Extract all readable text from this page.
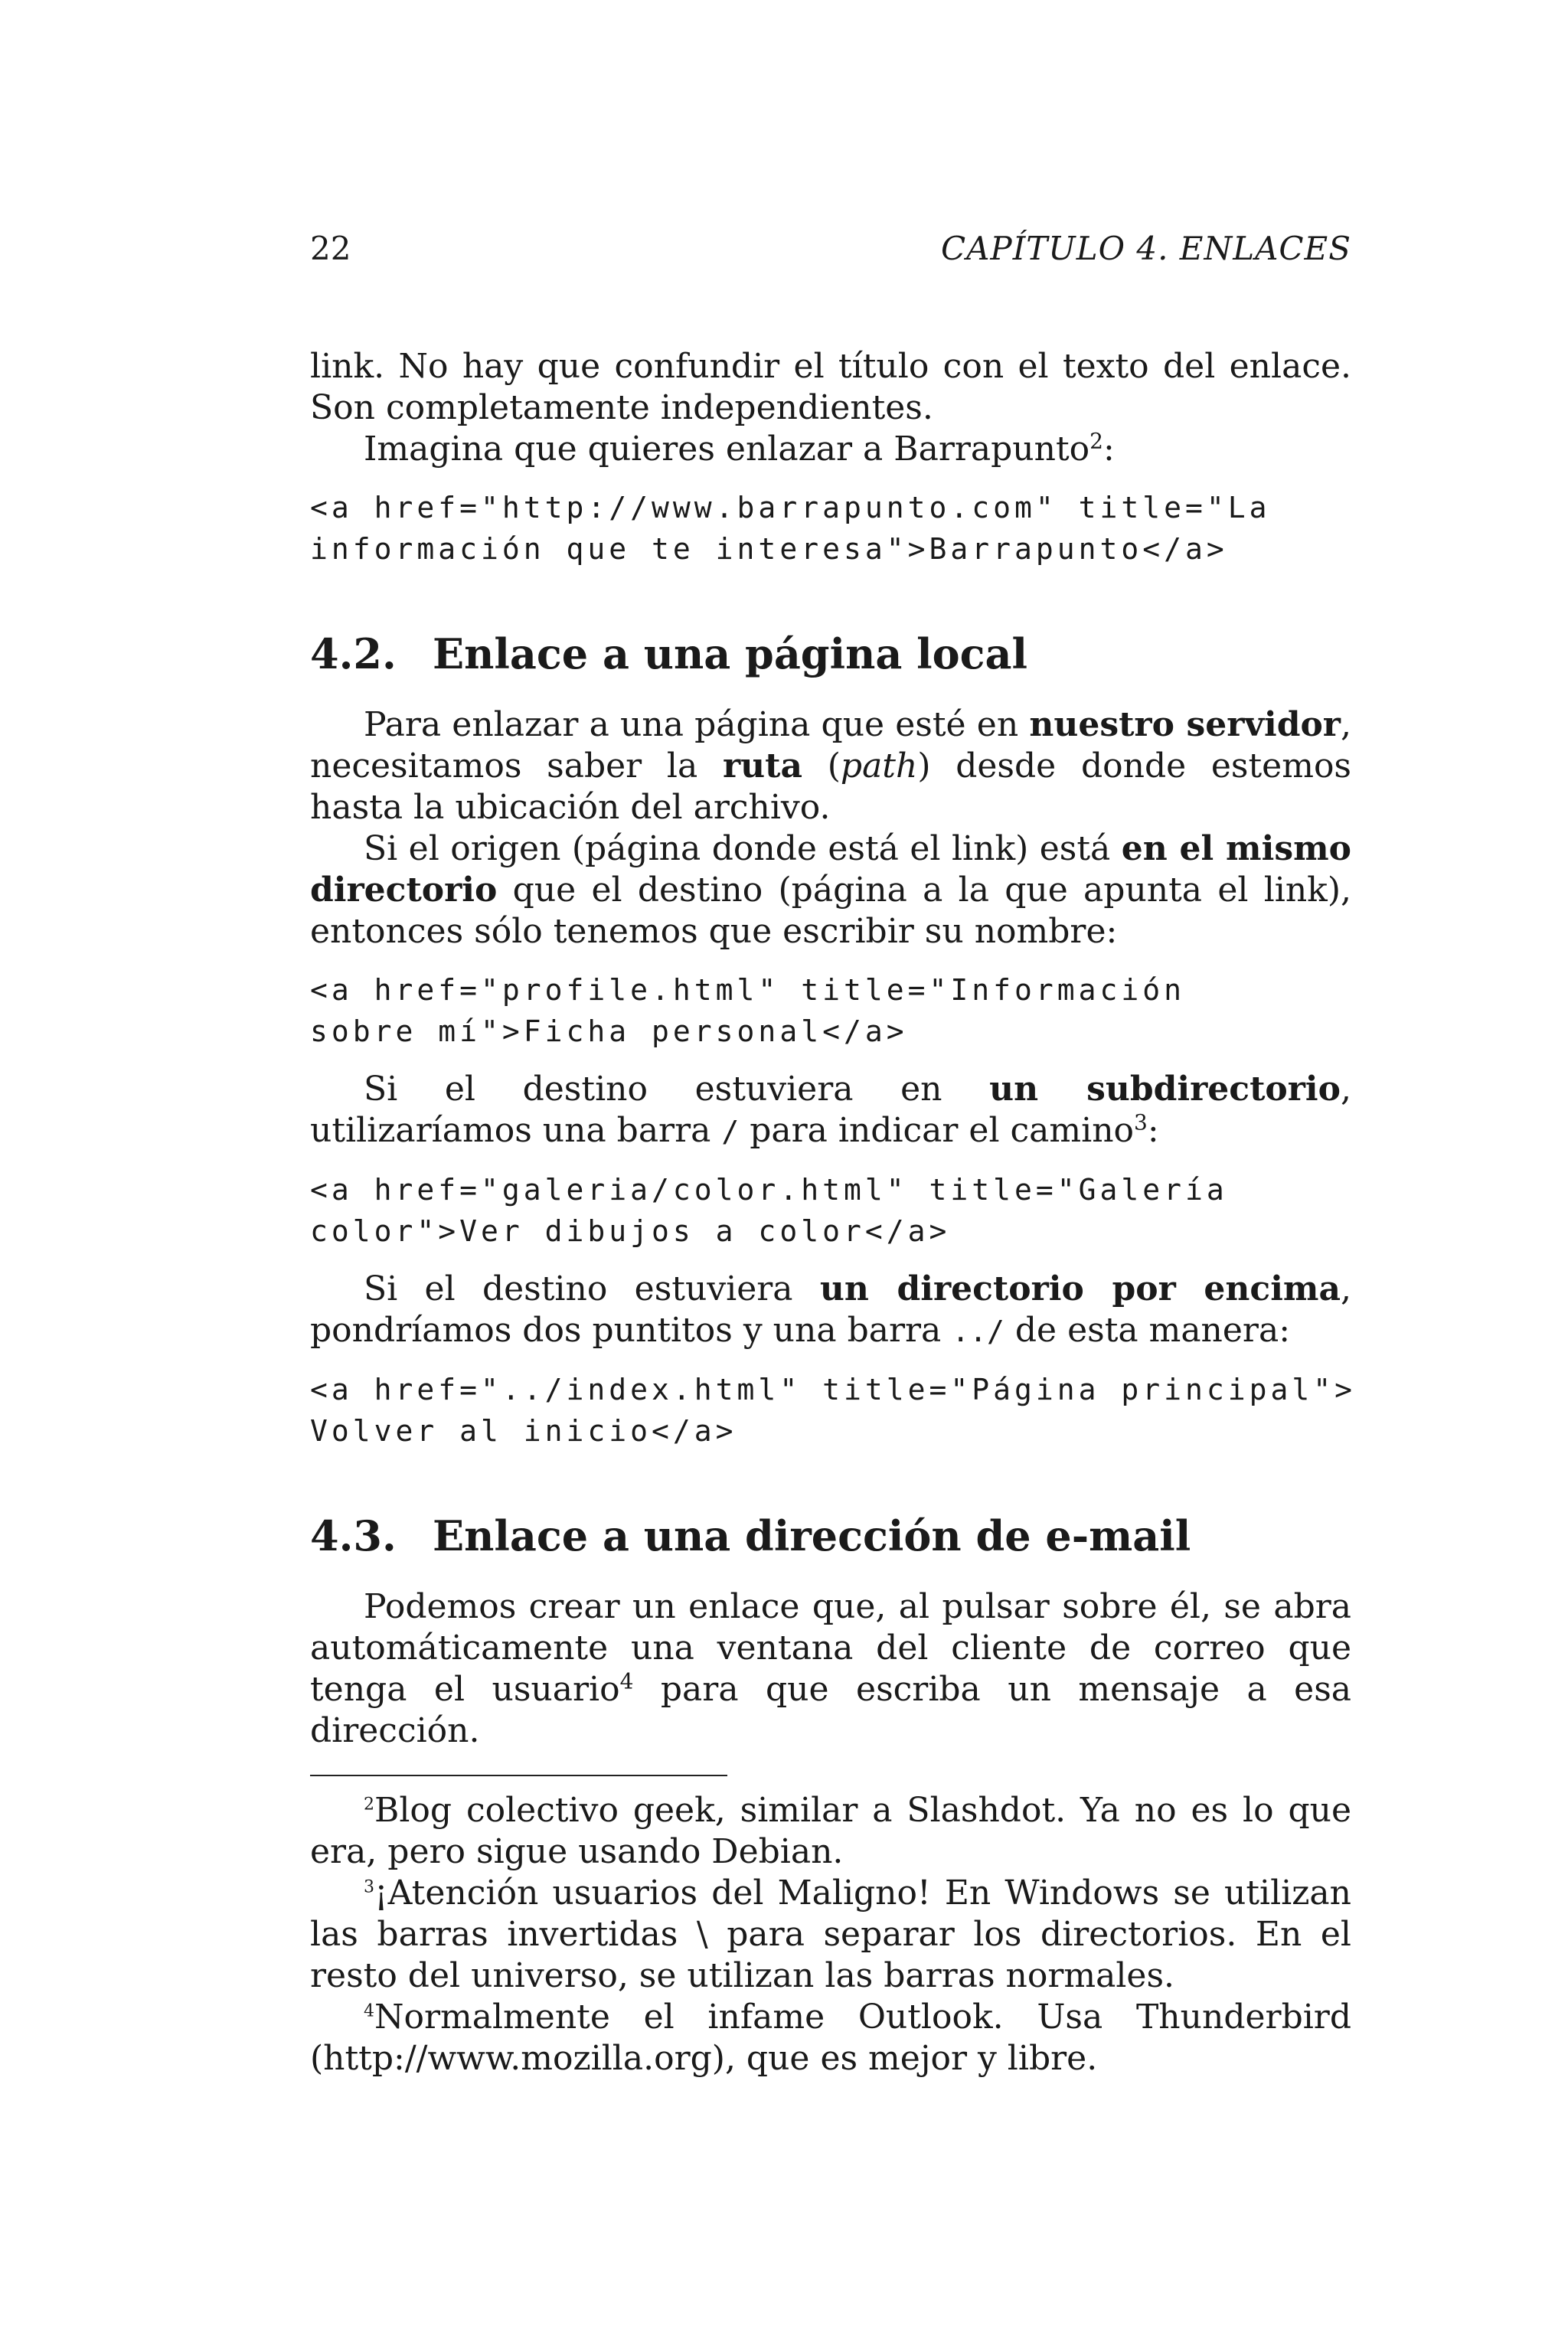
22	CAPÍTULO 4. ENLACES

link. No hay que confundir el título con el texto del enlace. Son completamente independientes.

Imagina que quieres enlazar a Barrapunto$^2$:

<a href="http://www.barrapunto.com" title="La
información que te interesa">Barrapunto</a>
4.2. Enlace a una página local

Para enlazar a una página que esté en nuestro servidor, necesitamos saber la ruta (path) desde donde estemos hasta la ubicación del archivo.

Si el origen (página donde está el link) está en el mismo directorio que el destino (página a la que apunta el link), entonces sólo tenemos que escribir su nombre:

<a href="profile.html" title="Información
sobre mí">Ficha personal</a>

Si el destino estuviera en un subdirectorio, utilizaríamos una barra / para indicar el camino$^3$:

<a href="galeria/color.html" title="Galería
color">Ver dibujos a color</a>

Si el destino estuviera un directorio por encima, pondríamos dos puntitos y una barra ../ de esta manera:

<a href="../index.html" title="Página principal">
Volver al inicio</a>
4.3. Enlace a una dirección de e-mail

Podemos crear un enlace que, al pulsar sobre él, se abra automáticamente una ventana del cliente de correo que tenga el usuario$^4$ para que escriba un mensaje a esa dirección.

$^2$Blog colectivo geek, similar a Slashdot. Ya no es lo que era, pero sigue usando Debian.

$^3$¡Atención usuarios del Maligno! En Windows se utilizan las barras invertidas \ para separar los directorios. En el resto del universo, se utilizan las barras normales.

$^4$Normalmente el infame Outlook. Usa Thunderbird (http://www.mozilla.org), que es mejor y libre.
